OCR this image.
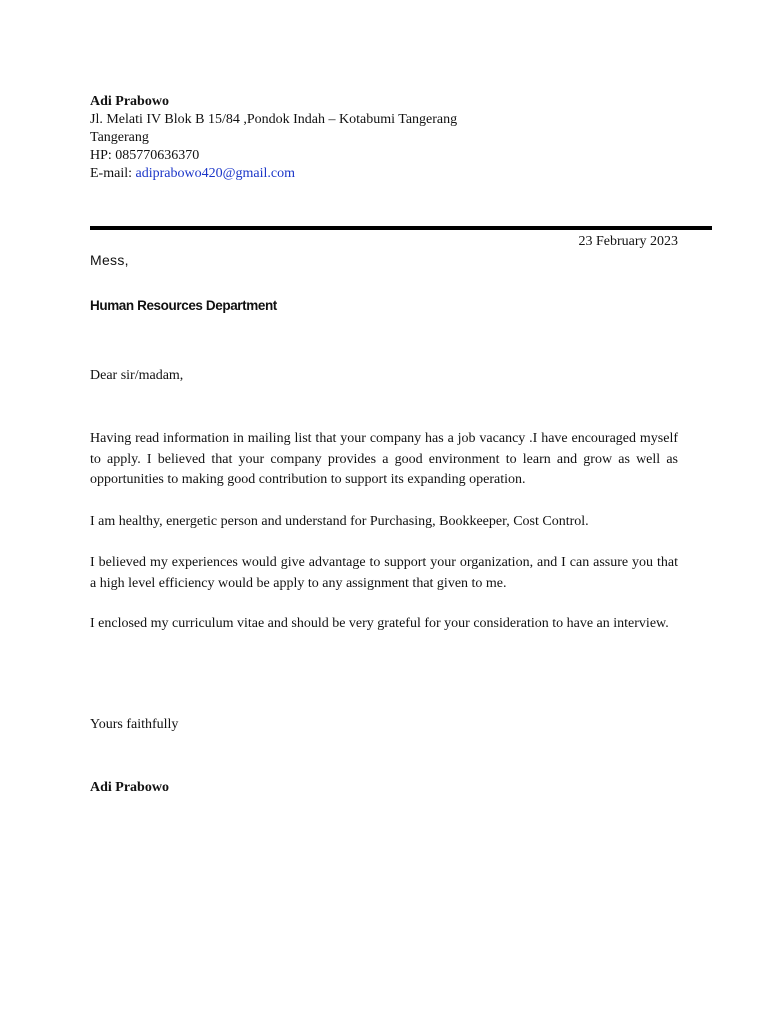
Adi Prabowo
Jl. Melati IV Blok B 15/84 ,Pondok Indah – Kotabumi Tangerang
Tangerang
HP: 085770636370
E-mail: adiprabowo420@gmail.com
23 February 2023
Mess,
Human Resources Department
Dear sir/madam,
Having read information in mailing list that your company has a job vacancy .I have encouraged myself to apply. I believed that your company provides a good environment to learn and grow as well as opportunities to making good contribution to support its expanding operation.
I am healthy, energetic person and understand for Purchasing, Bookkeeper, Cost Control.
I believed my experiences would give advantage to support your organization, and I can assure you that a high level efficiency would be apply to any assignment that given to me.
I enclosed my curriculum vitae and should be very grateful for your consideration to have an interview.
Yours faithfully
Adi Prabowo
